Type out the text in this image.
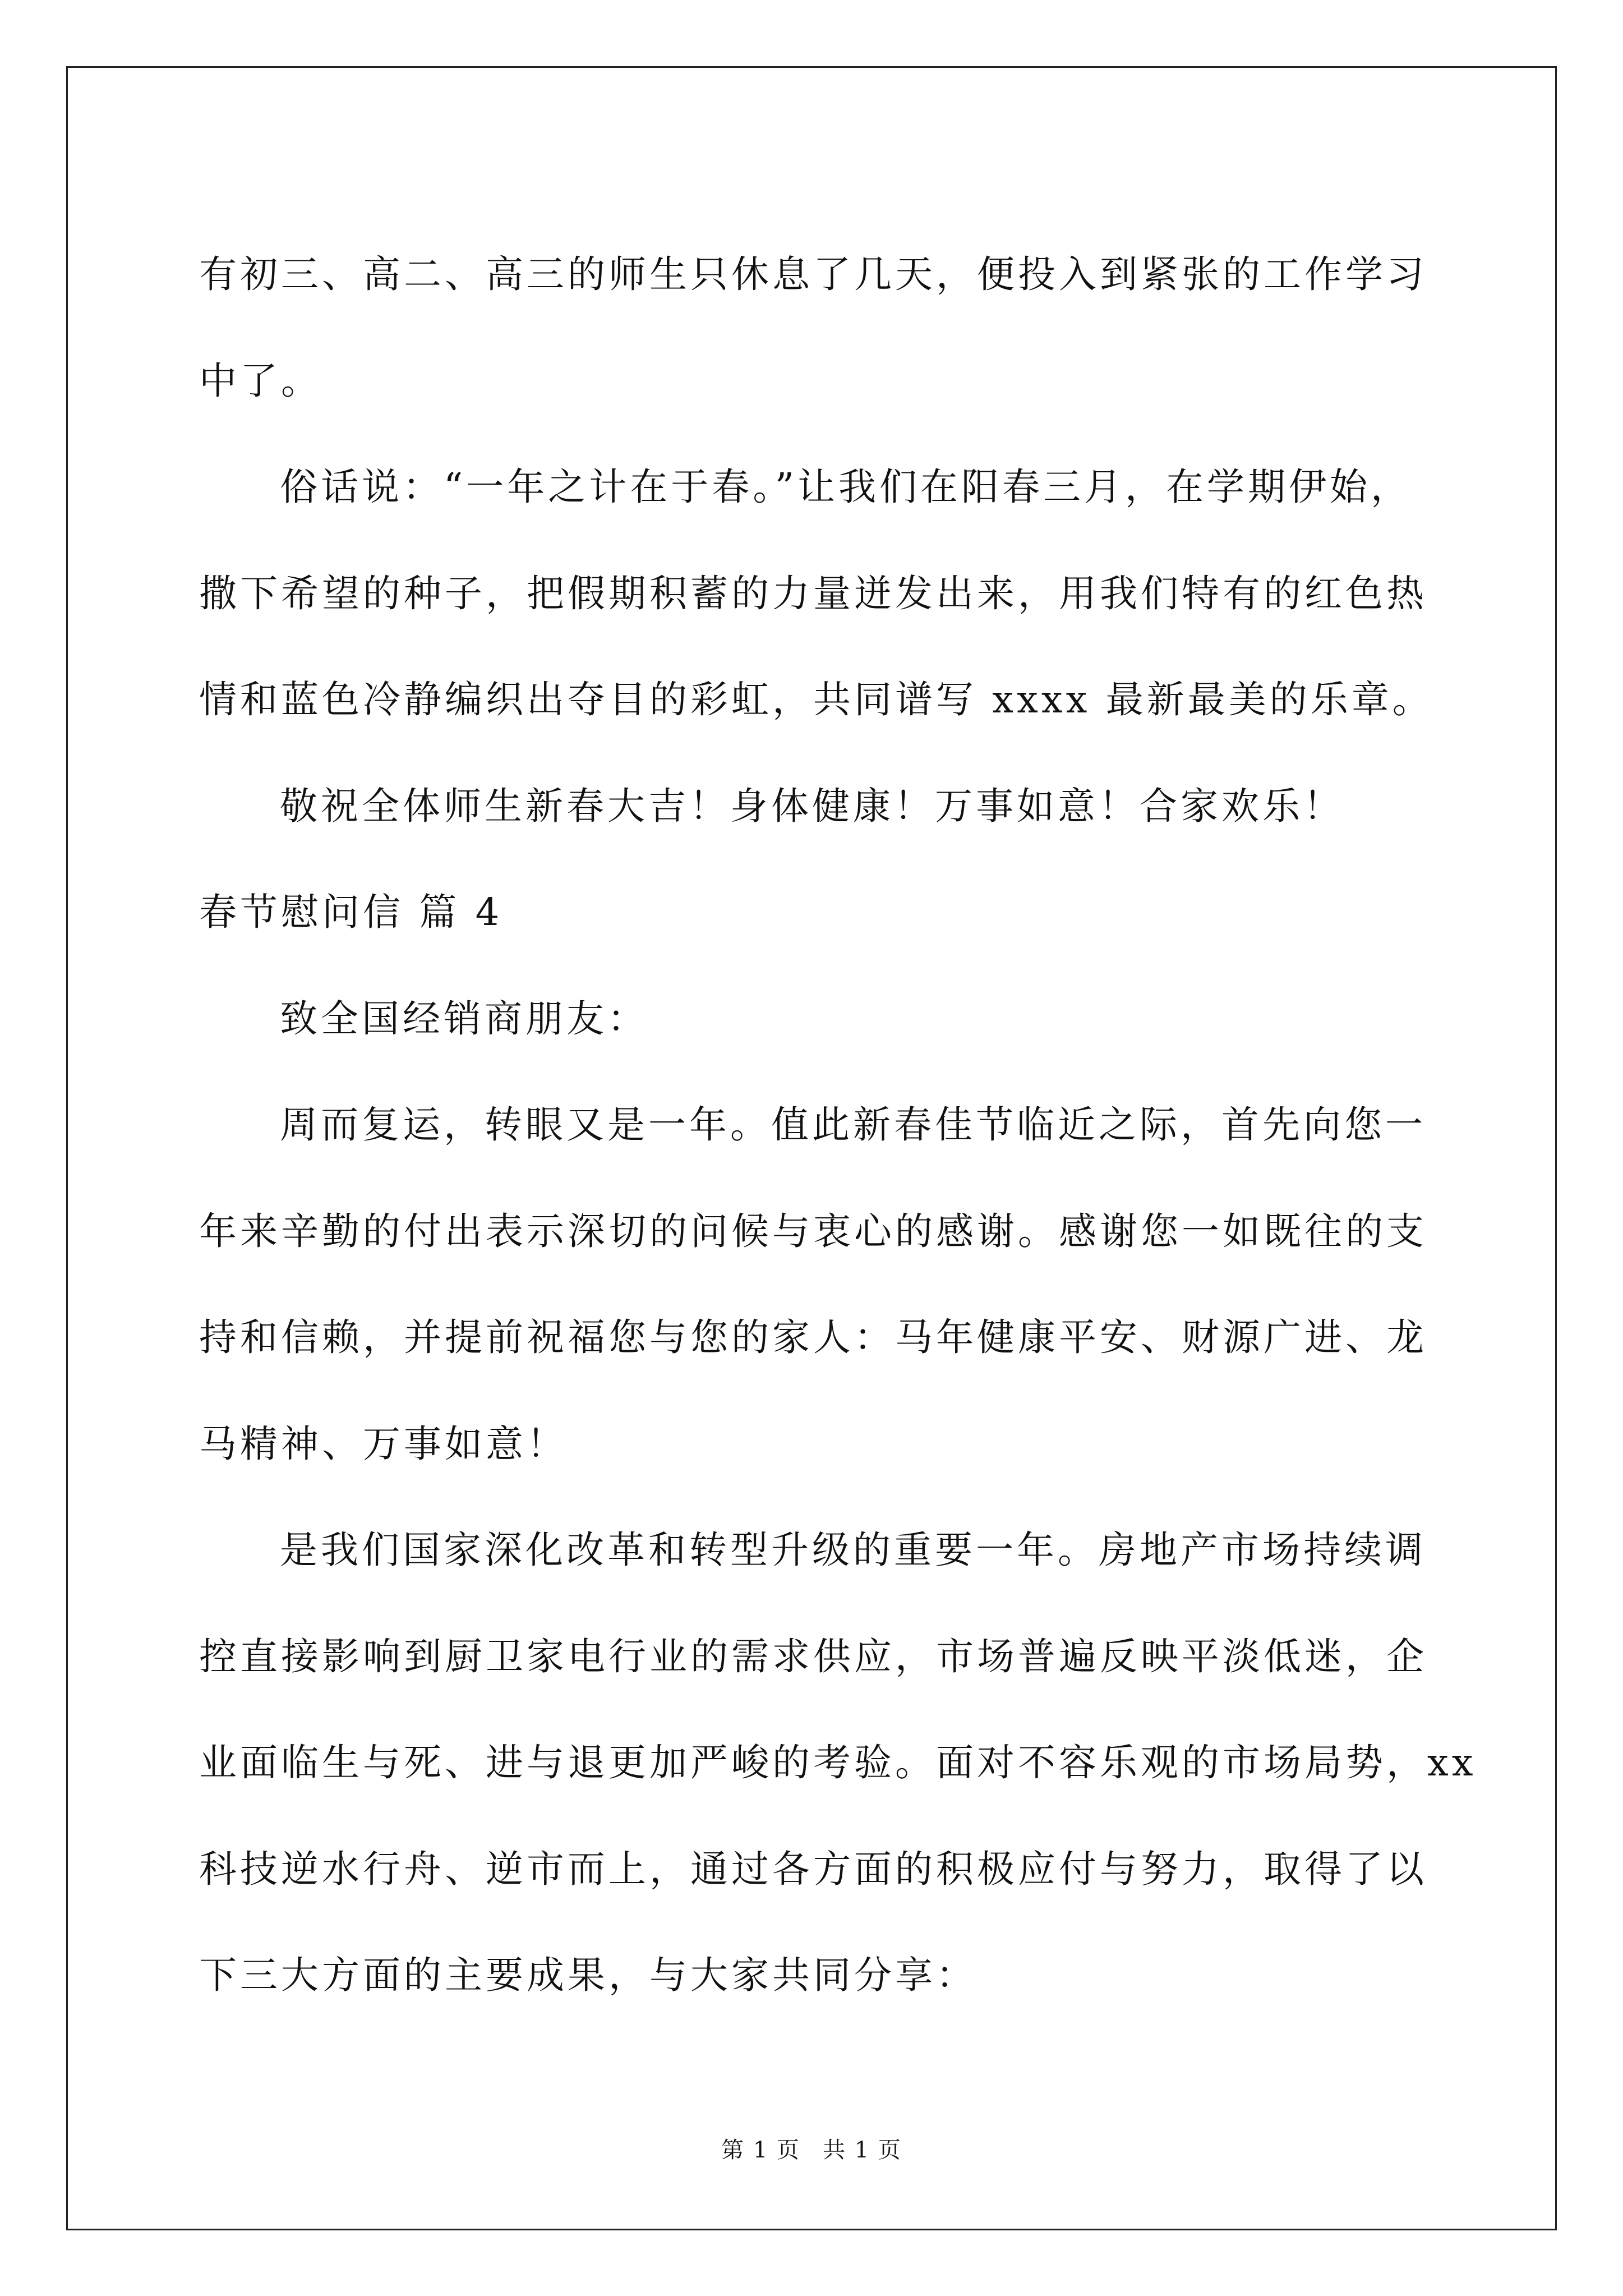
有初三、高二、高三的师生只休息了几天，便投入到紧张的工作学习
中了。
俗话说：“一年之计在于春。”让我们在阳春三月，在学期伊始，
撒下希望的种子，把假期积蓄的力量迸发出来，用我们特有的红色热
情和蓝色冷静编织出夺目的彩虹，共同谱写 xxxx 最新最美的乐章。
敬祝全体师生新春大吉！身体健康！万事如意！合家欢乐！
春节慰问信 篇 4
致全国经销商朋友：
周而复运，转眼又是一年。值此新春佳节临近之际，首先向您一
年来辛勤的付出表示深切的问候与衷心的感谢。感谢您一如既往的支
持和信赖，并提前祝福您与您的家人：马年健康平安、财源广进、龙
马精神、万事如意！
是我们国家深化改革和转型升级的重要一年。房地产市场持续调
控直接影响到厨卫家电行业的需求供应，市场普遍反映平淡低迷，企
业面临生与死、进与退更加严峻的考验。面对不容乐观的市场局势，xx
科技逆水行舟、逆市而上，通过各方面的积极应付与努力，取得了以
下三大方面的主要成果，与大家共同分享：
第 1 页 共 1 页
